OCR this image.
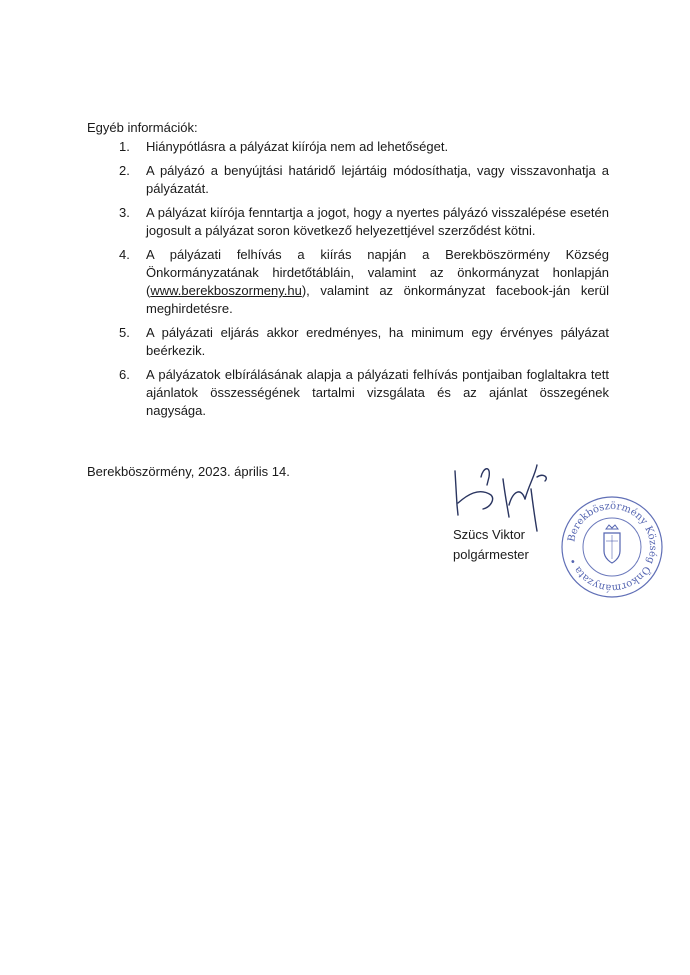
Egyéb információk:
1. Hiánypótlásra a pályázat kiírója nem ad lehetőséget.
2. A pályázó a benyújtási határidő lejártáig módosíthatja, vagy visszavonhatja a pályázatát.
3. A pályázat kiírója fenntartja a jogot, hogy a nyertes pályázó visszalépése esetén jogosult a pályázat soron következő helyezettjével szerződést kötni.
4. A pályázati felhívás a kiírás napján a Berekböszörmény Község Önkormányzatának hirdetőtábláin, valamint az önkormányzat honlapján (www.berekboszormeny.hu), valamint az önkormányzat facebook-ján kerül meghirdetésre.
5. A pályázati eljárás akkor eredményes, ha minimum egy érvényes pályázat beérkezik.
6. A pályázatok elbírálásának alapja a pályázati felhívás pontjaiban foglaltakra tett ajánlatok összességének tartalmi vizsgálata és az ajánlat összegének nagysága.
Berekböszörmény, 2023. április 14.
Szücs Viktor
polgármester
Berekböszörmény Község Önkormányzata •
